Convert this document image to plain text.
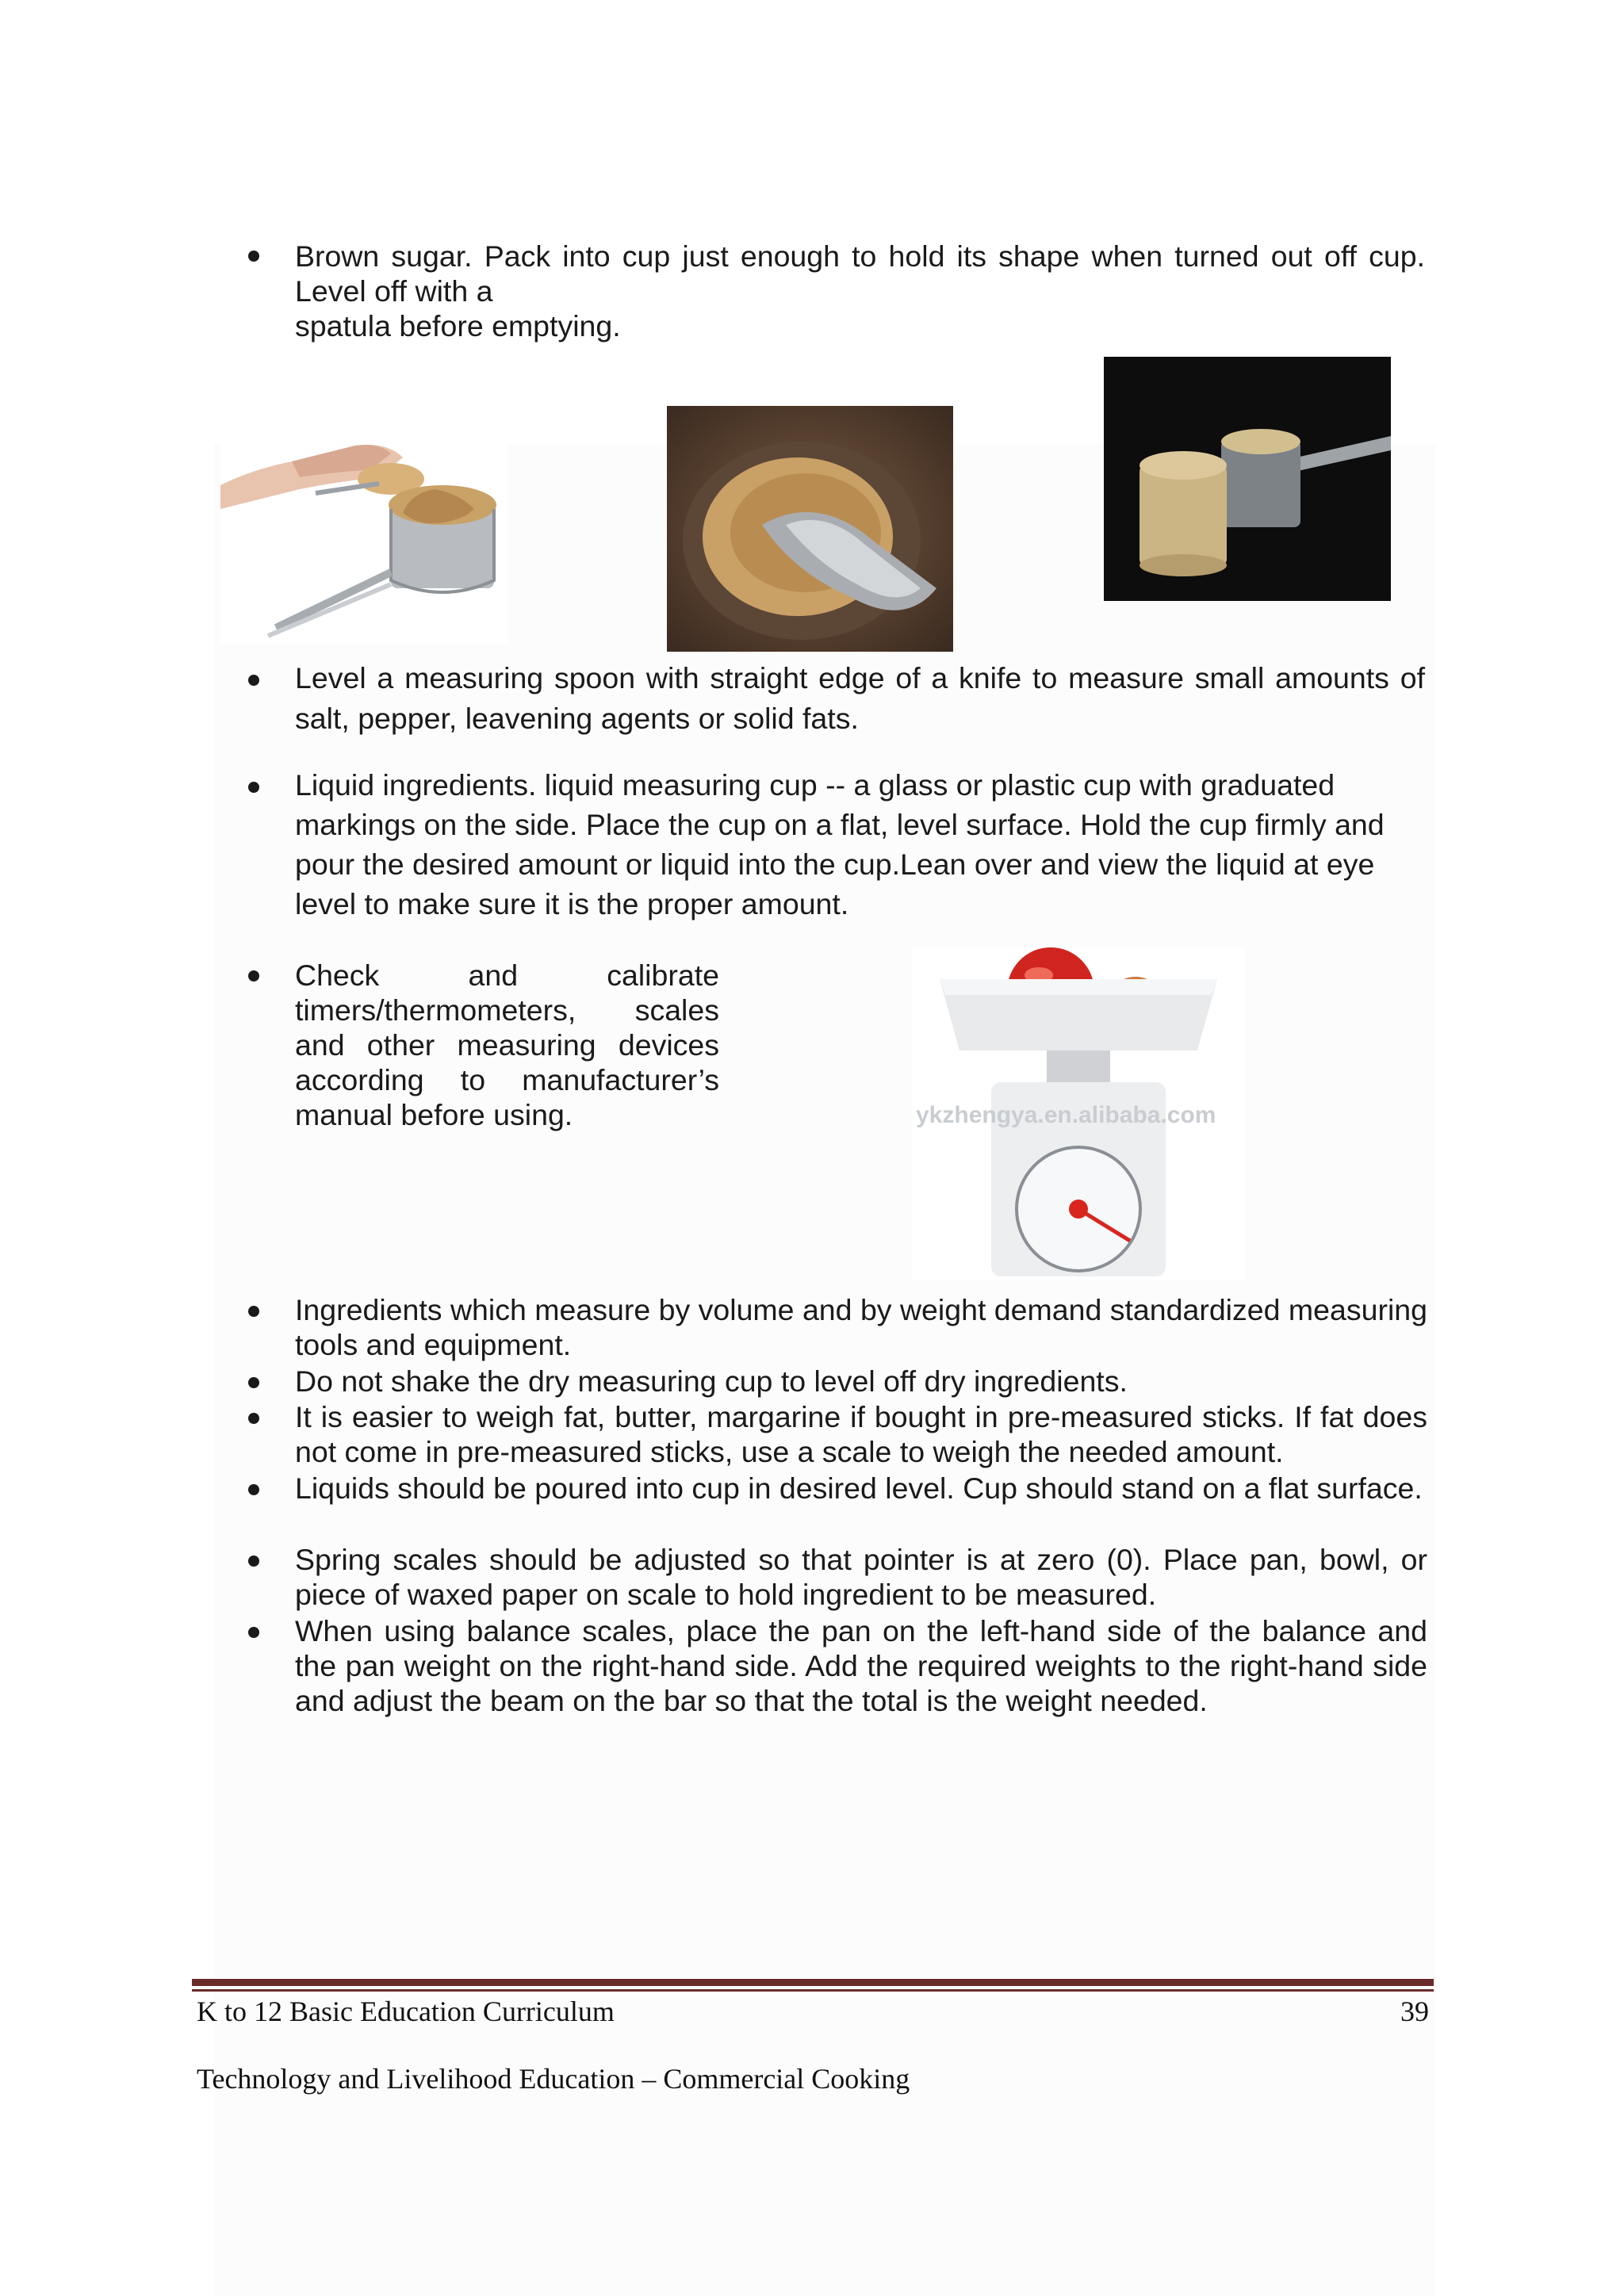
Brown sugar. Pack into cup just enough to hold its shape when turned out off cup.
Level off with a
spatula before emptying.
Level a measuring spoon with straight edge of a knife to measure small amounts of salt, pepper, leavening agents or solid fats.
Liquid ingredients. liquid measuring cup -- a glass or plastic cup with graduated markings on the side. Place the cup on a flat, level surface. Hold the cup firmly and pour the desired amount or liquid into the cup.Lean over and view the liquid at eye level to make sure it is the proper amount.
Check and calibrate timers/thermometers, scales and other measuring devices according to manufacturer’s manual before using.	ykzhengya.en.alibaba.com
Ingredients which measure by volume and by weight demand standardized measuring tools and equipment.
Do not shake the dry measuring cup to level off dry ingredients.
It is easier to weigh fat, butter, margarine if bought in pre-measured sticks. If fat does not come in pre-measured sticks, use a scale to weigh the needed amount.
Liquids should be poured into cup in desired level. Cup should stand on a flat surface.
Spring scales should be adjusted so that pointer is at zero (0). Place pan, bowl, or piece of waxed paper on scale to hold ingredient to be measured.
When using balance scales, place the pan on the left-hand side of the balance and the pan weight on the right-hand side. Add the required weights to the right-hand side and adjust the beam on the bar so that the total is the weight needed.
K to 12 Basic Education Curriculum	39
Technology and Livelihood Education – Commercial Cooking
